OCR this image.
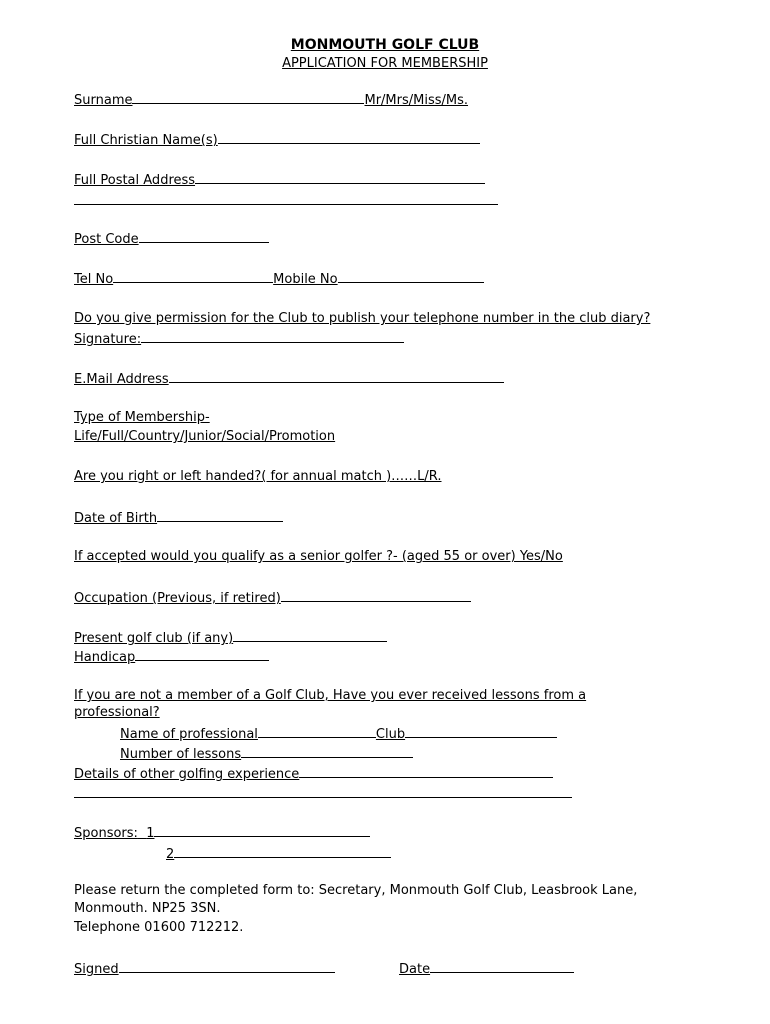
MONMOUTH GOLF CLUB
APPLICATION FOR MEMBERSHIP
Surname	Mr/Mrs/Miss/Ms.
Full Christian Name(s)
Full Postal Address
Post Code
Tel No	Mobile No
Do you give permission for the Club to publish your telephone number in the club diary?
Signature:
E.Mail Address
Type of Membership-
Life/Full/Country/Junior/Social/Promotion
Are you right or left handed?( for annual match )……L/R.
Date of Birth
If accepted would you qualify as a senior golfer ?- (aged 55 or over) Yes/No
Occupation (Previous, if retired)
Present golf club (if any)
Handicap
If you are not a member of a Golf Club, Have you ever received lessons from a
professional?
Name of professional	Club
Number of lessons
Details of other golfing experience
Sponsors: 1
2
Please return the completed form to: Secretary, Monmouth Golf Club, Leasbrook Lane,
Monmouth. NP25 3SN.
Telephone 01600 712212.
Signed	Date
